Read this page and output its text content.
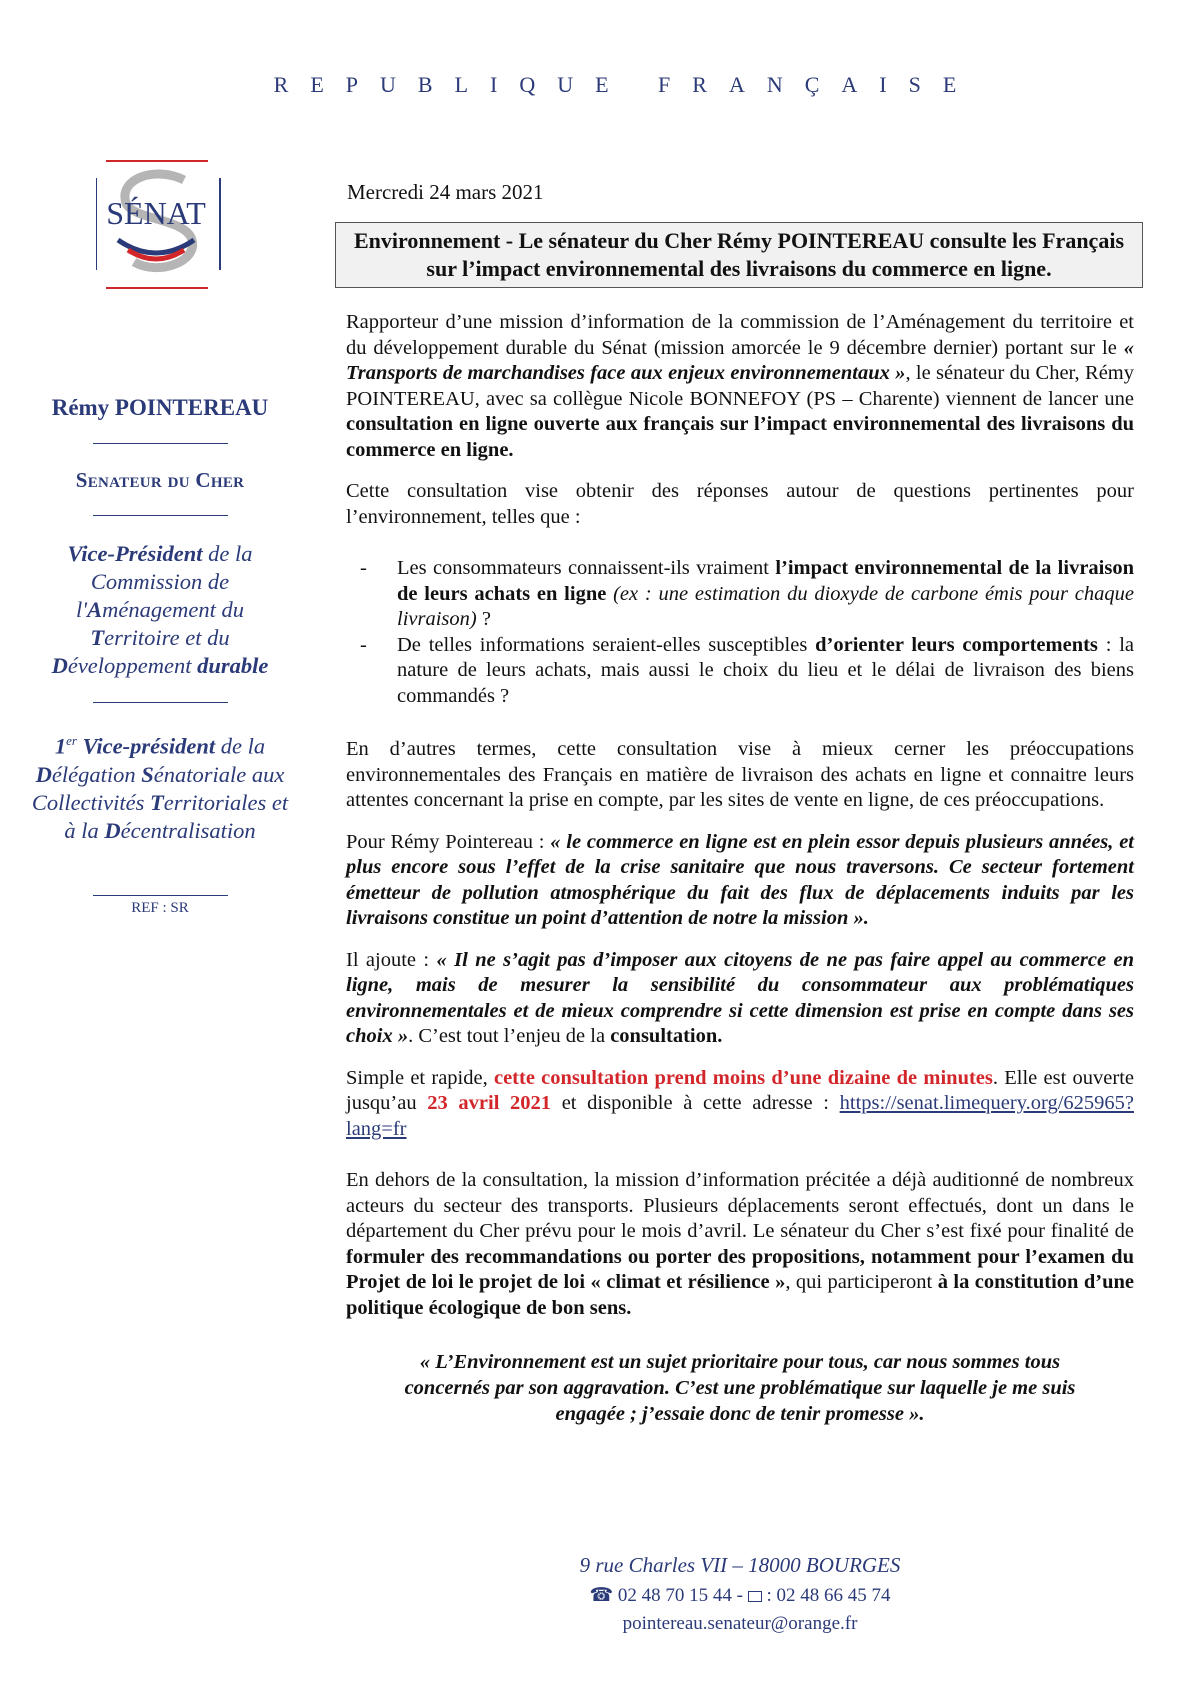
REPUBLIQUE FRANÇAISE
SÉNAT
Rémy POINTEREAU
Senateur du Cher
Vice-Président de la Commission de l'Aménagement du Territoire et du Développement durable
1er Vice-président de la Délégation Sénatoriale aux Collectivités Territoriales et à la Décentralisation
REF : SR
Mercredi 24 mars 2021
Environnement - Le sénateur du Cher Rémy POINTEREAU consulte les Français sur l’impact environnemental des livraisons du commerce en ligne.

Rapporteur d’une mission d’information de la commission de l’Aménagement du territoire et du développement durable du Sénat (mission amorcée le 9 décembre dernier) portant sur le « Transports de marchandises face aux enjeux environnementaux », le sénateur du Cher, Rémy POINTEREAU, avec sa collègue Nicole BONNEFOY (PS – Charente) viennent de lancer une consultation en ligne ouverte aux français sur l’impact environnemental des livraisons du commerce en ligne.

Cette consultation vise obtenir des réponses autour de questions pertinentes pour l’environnement, telles que :

- Les consommateurs connaissent-ils vraiment l’impact environnemental de la livraison de leurs achats en ligne (ex : une estimation du dioxyde de carbone émis pour chaque livraison) ?
- De telles informations seraient-elles susceptibles d’orienter leurs comportements : la nature de leurs achats, mais aussi le choix du lieu et le délai de livraison des biens commandés ?

En d’autres termes, cette consultation vise à mieux cerner les préoccupations environnementales des Français en matière de livraison des achats en ligne et connaitre leurs attentes concernant la prise en compte, par les sites de vente en ligne, de ces préoccupations.

Pour Rémy Pointereau : « le commerce en ligne est en plein essor depuis plusieurs années, et plus encore sous l’effet de la crise sanitaire que nous traversons. Ce secteur fortement émetteur de pollution atmosphérique du fait des flux de déplacements induits par les livraisons constitue un point d’attention de notre la mission ».

Il ajoute : « Il ne s’agit pas d’imposer aux citoyens de ne pas faire appel au commerce en ligne, mais de mesurer la sensibilité du consommateur aux problématiques environnementales et de mieux comprendre si cette dimension est prise en compte dans ses choix ». C’est tout l’enjeu de la consultation.

Simple et rapide, cette consultation prend moins d’une dizaine de minutes. Elle est ouverte jusqu’au 23 avril 2021 et disponible à cette adresse : https://senat.limequery.org/625965?lang=fr

En dehors de la consultation, la mission d’information précitée a déjà auditionné de nombreux acteurs du secteur des transports. Plusieurs déplacements seront effectués, dont un dans le département du Cher prévu pour le mois d’avril. Le sénateur du Cher s’est fixé pour finalité de formuler des recommandations ou porter des propositions, notamment pour l’examen du Projet de loi le projet de loi « climat et résilience », qui participeront à la constitution d’une politique écologique de bon sens.

« L’Environnement est un sujet prioritaire pour tous, car nous sommes tous concernés par son aggravation. C’est une problématique sur laquelle je me suis engagée ; j’essaie donc de tenir promesse ».

9 rue Charles VII – 18000 BOURGES
☎ 02 48 70 15 44 -  : 02 48 66 45 74
pointereau.senateur@orange.fr
